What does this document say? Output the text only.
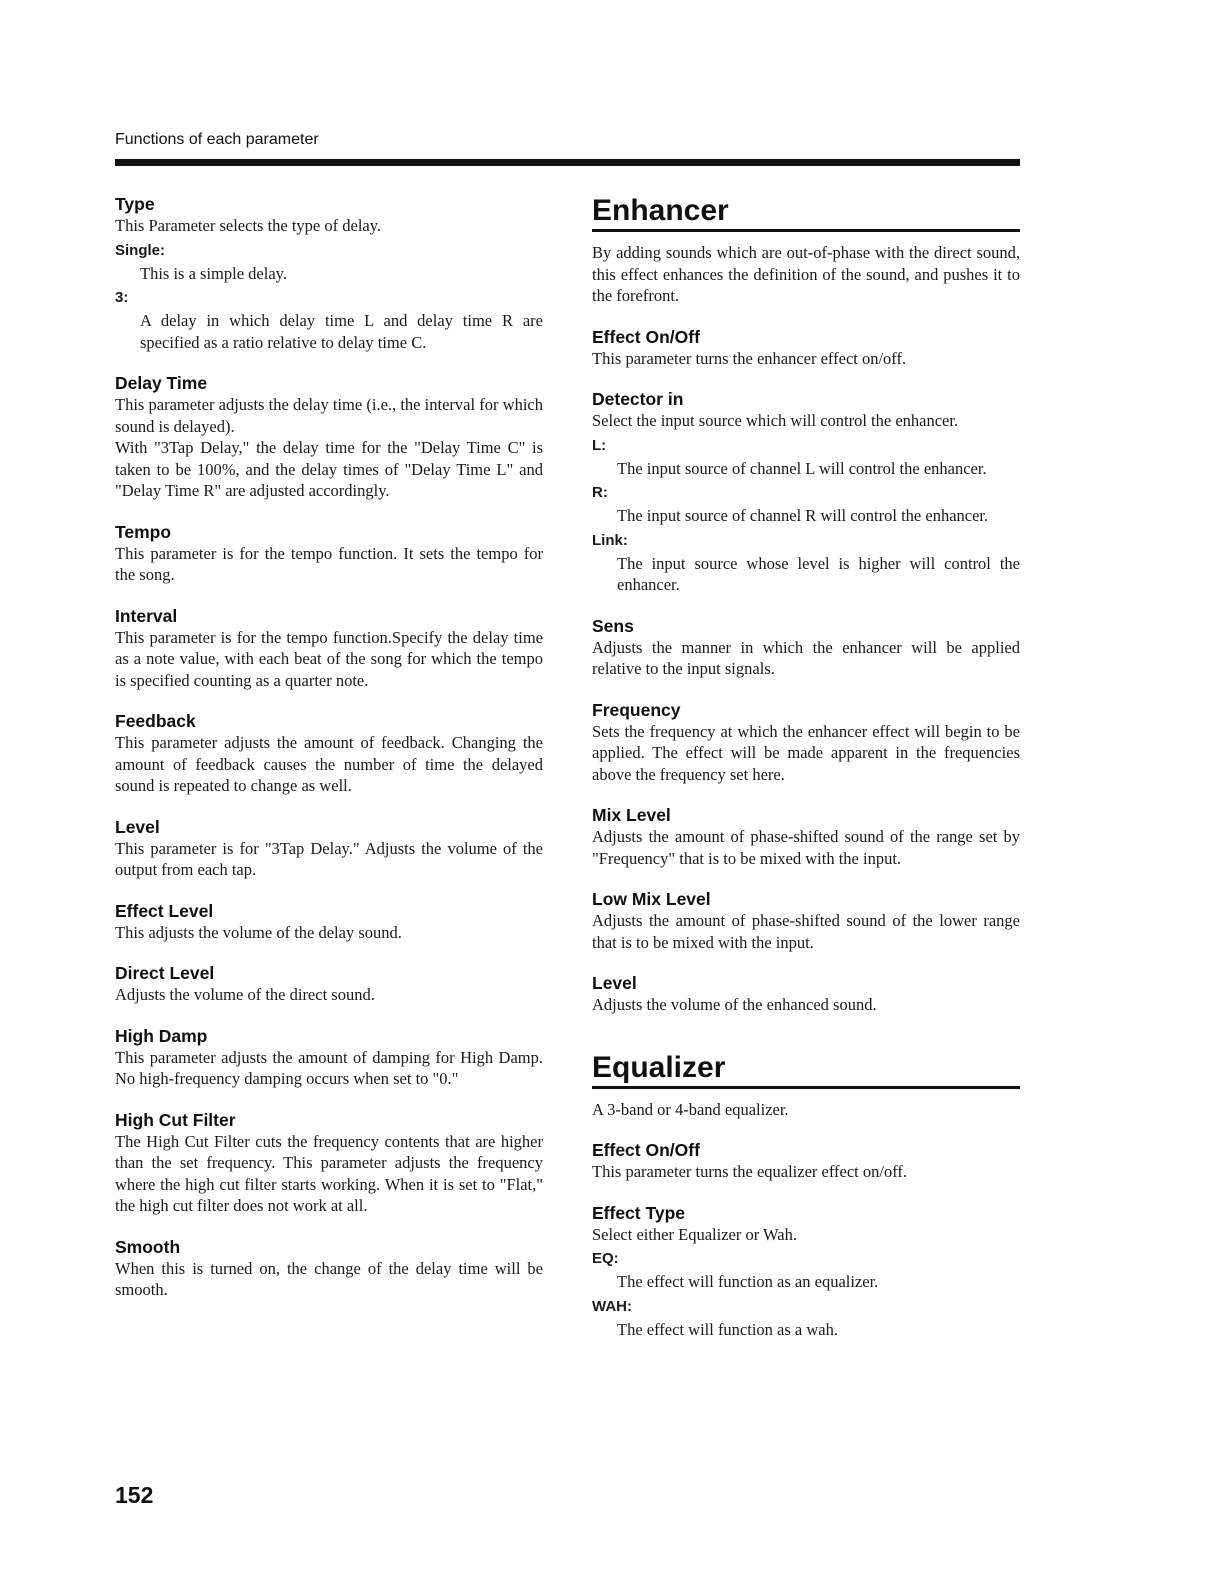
Functions of each parameter
Type
This Parameter selects the type of delay.
Single:
This is a simple delay.
3:
A delay in which delay time L and delay time R are specified as a ratio relative to delay time C.
Delay Time
This parameter adjusts the delay time (i.e., the interval for which sound is delayed).
With "3Tap Delay," the delay time for the "Delay Time C" is taken to be 100%, and the delay times of "Delay Time L" and "Delay Time R" are adjusted accordingly.
Tempo
This parameter is for the tempo function. It sets the tempo for the song.
Interval
This parameter is for the tempo function.Specify the delay time as a note value, with each beat of the song for which the tempo is specified counting as a quarter note.
Feedback
This parameter adjusts the amount of feedback. Changing the amount of feedback causes the number of time the delayed sound is repeated to change as well.
Level
This parameter is for "3Tap Delay." Adjusts the volume of the output from each tap.
Effect Level
This adjusts the volume of the delay sound.
Direct Level
Adjusts the volume of the direct sound.
High Damp
This parameter adjusts the amount of damping for High Damp. No high-frequency damping occurs when set to "0."
High Cut Filter
The High Cut Filter cuts the frequency contents that are higher than the set frequency. This parameter adjusts the frequency where the high cut filter starts working. When it is set to "Flat," the high cut filter does not work at all.
Smooth
When this is turned on, the change of the delay time will be smooth.
Enhancer
By adding sounds which are out-of-phase with the direct sound, this effect enhances the definition of the sound, and pushes it to the forefront.
Effect On/Off
This parameter turns the enhancer effect on/off.
Detector in
Select the input source which will control the enhancer.
L:
The input source of channel L will control the enhancer.
R:
The input source of channel R will control the enhancer.
Link:
The input source whose level is higher will control the enhancer.
Sens
Adjusts the manner in which the enhancer will be applied relative to the input signals.
Frequency
Sets the frequency at which the enhancer effect will begin to be applied. The effect will be made apparent in the frequencies above the frequency set here.
Mix Level
Adjusts the amount of phase-shifted sound of the range set by "Frequency" that is to be mixed with the input.
Low Mix Level
Adjusts the amount of phase-shifted sound of the lower range that is to be mixed with the input.
Level
Adjusts the volume of the enhanced sound.
Equalizer
A 3-band or 4-band equalizer.
Effect On/Off
This parameter turns the equalizer effect on/off.
Effect Type
Select either Equalizer or Wah.
EQ:
The effect will function as an equalizer.
WAH:
The effect will function as a wah.
152
